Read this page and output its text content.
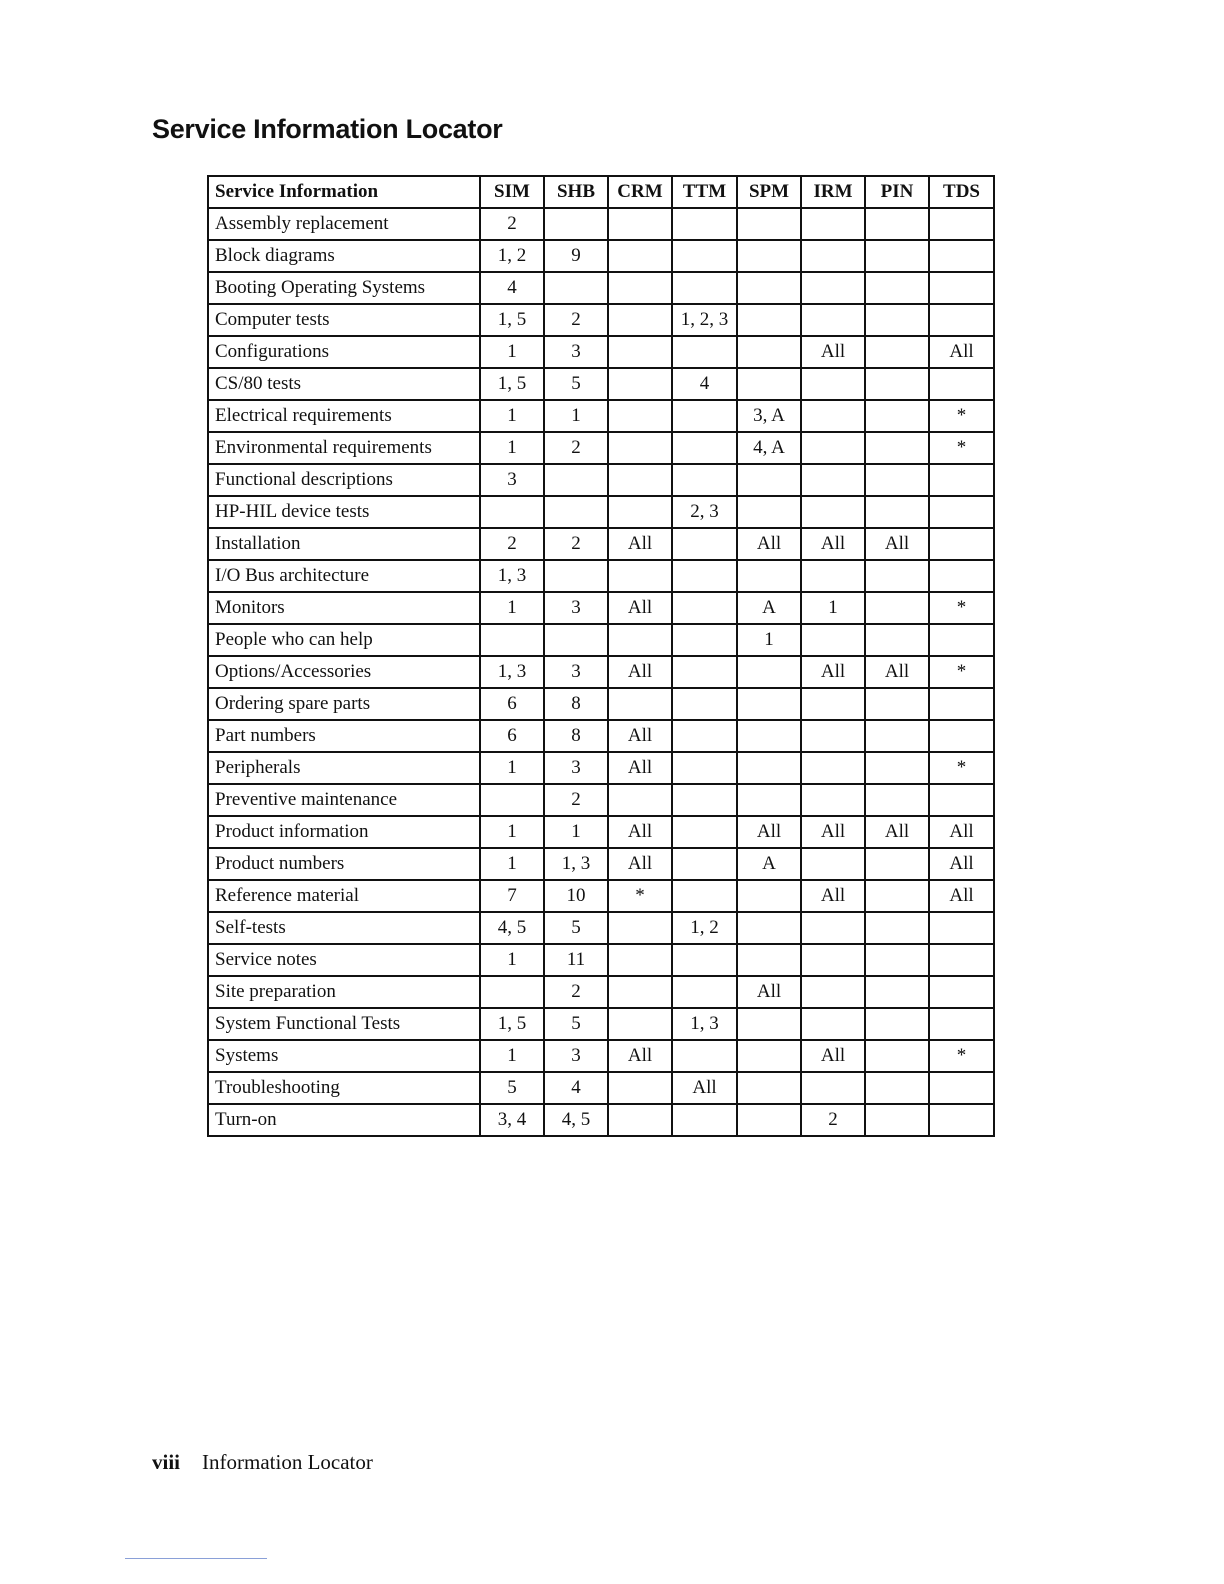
Service Information Locator
Service Information	SIM	SHB	CRM	TTM	SPM	IRM	PIN	TDS
Assembly replacement	2							
Block diagrams	1, 2	9						
Booting Operating Systems	4							
Computer tests	1, 5	2		1, 2, 3				
Configurations	1	3				All		All
CS/80 tests	1, 5	5		4				
Electrical requirements	1	1			3, A			*
Environmental requirements	1	2			4, A			*
Functional descriptions	3							
HP-HIL device tests				2, 3				
Installation	2	2	All		All	All	All	
I/O Bus architecture	1, 3							
Monitors	1	3	All		A	1		*
People who can help					1			
Options/Accessories	1, 3	3	All			All	All	*
Ordering spare parts	6	8						
Part numbers	6	8	All					
Peripherals	1	3	All					*
Preventive maintenance		2						
Product information	1	1	All		All	All	All	All
Product numbers	1	1, 3	All		A			All
Reference material	7	10	*			All		All
Self-tests	4, 5	5		1, 2				
Service notes	1	11						
Site preparation		2			All			
System Functional Tests	1, 5	5		1, 3				
Systems	1	3	All			All		*
Troubleshooting	5	4		All				
Turn-on	3, 4	4, 5				2		
viii Information Locator
